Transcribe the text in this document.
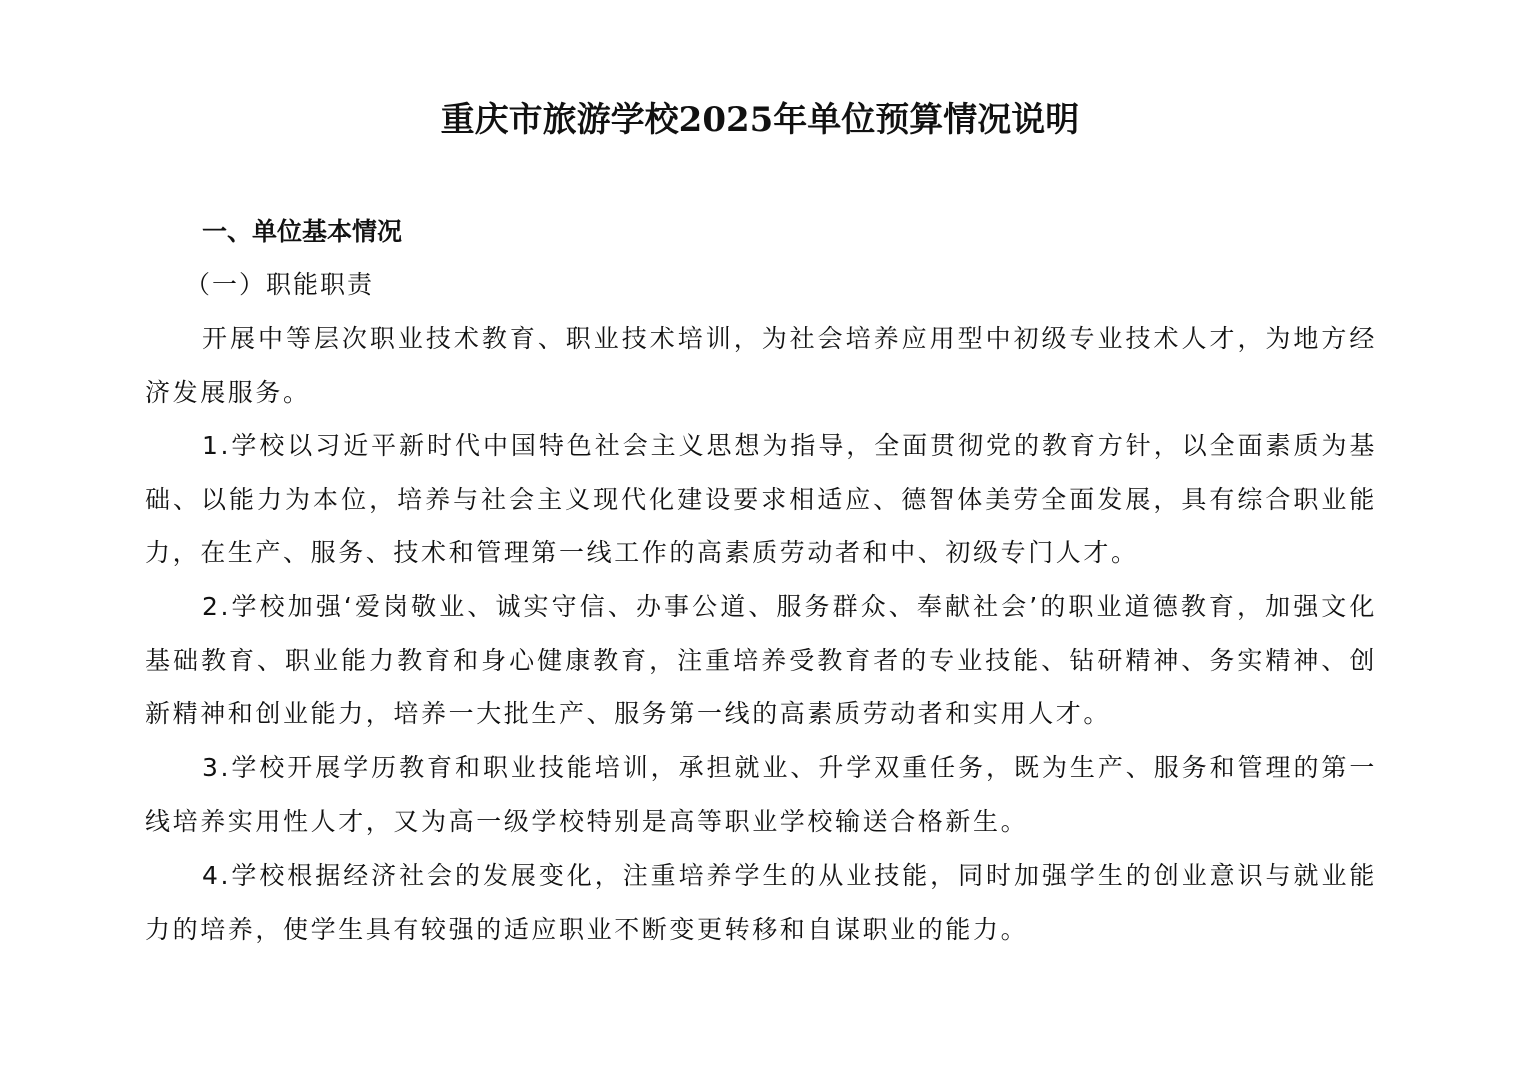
重庆市旅游学校2025年单位预算情况说明
一、单位基本情况
（一）职能职责

开展中等层次职业技术教育、职业技术培训，为社会培养应用型中初级专业技术人才，为地方经济发展服务。

1.学校以习近平新时代中国特色社会主义思想为指导，全面贯彻党的教育方针，以全面素质为基础、以能力为本位，培养与社会主义现代化建设要求相适应、德智体美劳全面发展，具有综合职业能力，在生产、服务、技术和管理第一线工作的高素质劳动者和中、初级专门人才。

2.学校加强‘爱岗敬业、诚实守信、办事公道、服务群众、奉献社会’的职业道德教育，加强文化基础教育、职业能力教育和身心健康教育，注重培养受教育者的专业技能、钻研精神、务实精神、创新精神和创业能力，培养一大批生产、服务第一线的高素质劳动者和实用人才。

3.学校开展学历教育和职业技能培训，承担就业、升学双重任务，既为生产、服务和管理的第一线培养实用性人才，又为高一级学校特别是高等职业学校输送合格新生。

4.学校根据经济社会的发展变化，注重培养学生的从业技能，同时加强学生的创业意识与就业能力的培养，使学生具有较强的适应职业不断变更转移和自谋职业的能力。
